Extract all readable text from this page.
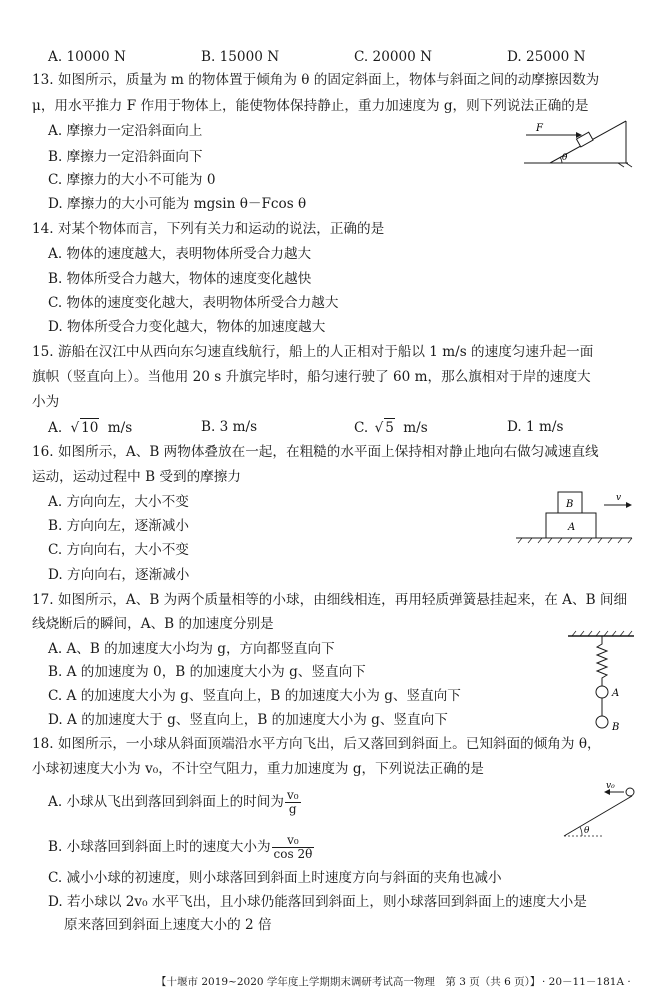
A. 10000 N	B. 15000 N	C. 20000 N	D. 25000 N
13. 如图所示，质量为 m 的物体置于倾角为 θ 的固定斜面上，物体与斜面之间的动摩擦因数为
μ，用水平推力 F 作用于物体上，能使物体保持静止，重力加速度为 g，则下列说法正确的是
A. 摩擦力一定沿斜面向上
B. 摩擦力一定沿斜面向下
C. 摩擦力的大小不可能为 0
D. 摩擦力的大小可能为 mgsin θ－Fcos θ
F
θ
14. 对某个物体而言，下列有关力和运动的说法，正确的是
A. 物体的速度越大，表明物体所受合力越大
B. 物体所受合力越大，物体的速度变化越快
C. 物体的速度变化越大，表明物体所受合力越大
D. 物体所受合力变化越大，物体的加速度越大
15. 游船在汉江中从西向东匀速直线航行，船上的人正相对于船以 1 m/s 的速度匀速升起一面
旗帜（竖直向上）。当他用 20 s 升旗完毕时，船匀速行驶了 60 m，那么旗相对于岸的速度大
小为
A. √ 10 m/s	B. 3 m/s	C. √ 5 m/s	D. 1 m/s
16. 如图所示，A、B 两物体叠放在一起，在粗糙的水平面上保持相对静止地向右做匀减速直线
运动，运动过程中 B 受到的摩擦力
A. 方向向左，大小不变
B. 方向向左，逐渐减小
C. 方向向右，大小不变
D. 方向向右，逐渐减小
B
A
v
17. 如图所示，A、B 为两个质量相等的小球，由细线相连，再用轻质弹簧悬挂起来，在 A、B 间细
线烧断后的瞬间，A、B 的加速度分别是
A. A、B 的加速度大小均为 g，方向都竖直向下
B. A 的加速度为 0，B 的加速度大小为 g、竖直向下
C. A 的加速度大小为 g、竖直向上，B 的加速度大小为 g、竖直向下
D. A 的加速度大于 g、竖直向上，B 的加速度大小为 g、竖直向下
A
B
18. 如图所示，一小球从斜面顶端沿水平方向飞出，后又落回到斜面上。已知斜面的倾角为 θ，
小球初速度大小为 v₀，不计空气阻力，重力加速度为 g，下列说法正确的是
A. 小球从飞出到落回到斜面上的时间为 $\frac{\text{v₀}}{g}$
B. 小球落回到斜面上时的速度大小为 $\frac{\text{v₀}}{\cos 2\theta}$
C. 减小小球的初速度，则小球落回到斜面上时速度方向与斜面的夹角也减小
D. 若小球以 2v₀ 水平飞出，且小球仍能落回到斜面上，则小球落回到斜面上的速度大小是
原来落回到斜面上速度大小的 2 倍
θ
v₀
【十堰市 2019~2020 学年度上学期期末调研考试高一物理　第 3 页（共 6 页）】 · 20－11－181A ·
